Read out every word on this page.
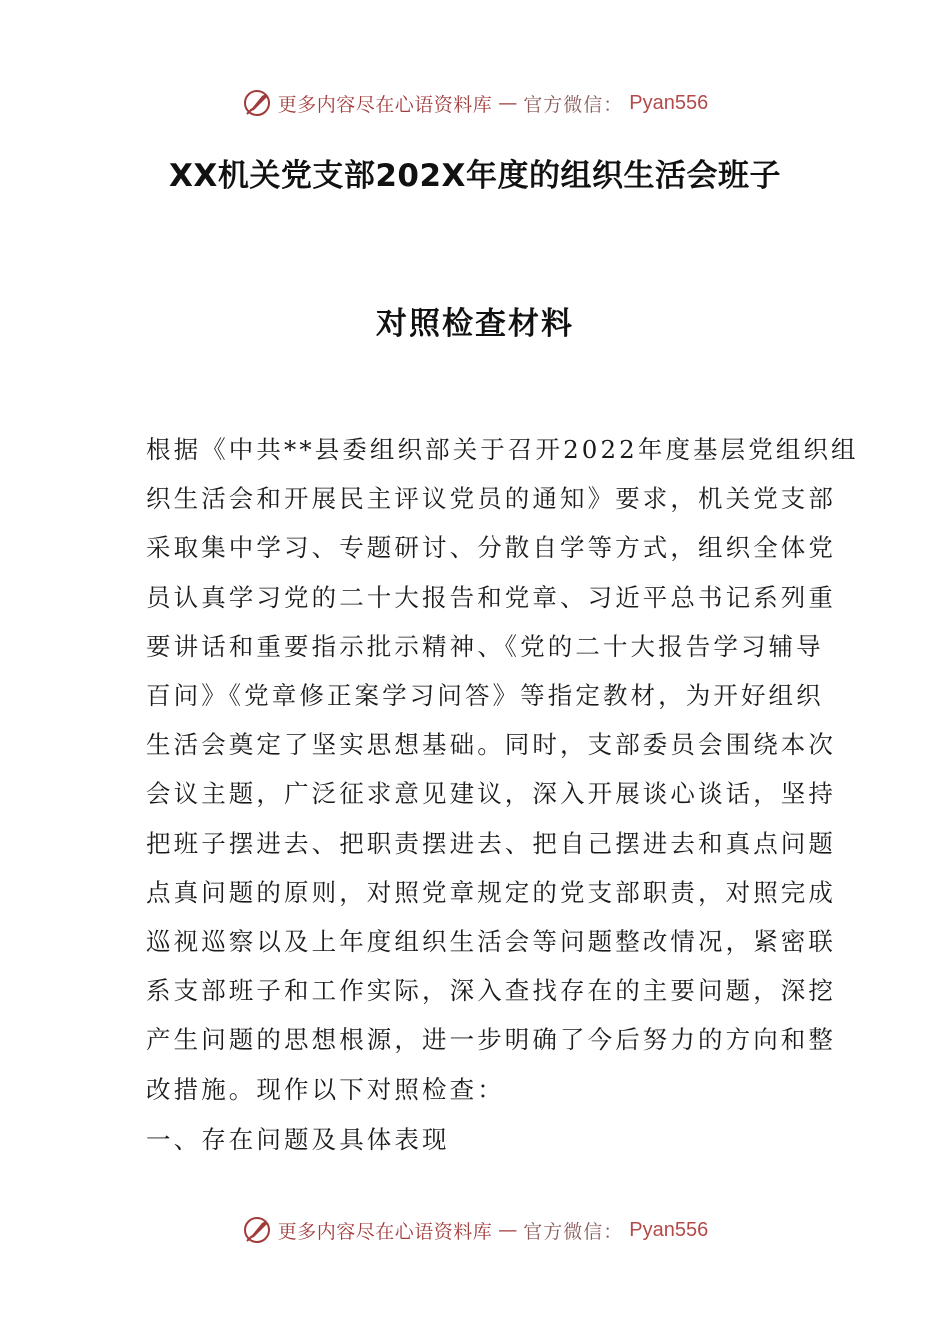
更多内容尽在心语资料库 — 官方微信： Pyan556
XX机关党支部202X年度的组织生活会班子
对照检查材料
根据《中共**县委组织部关于召开2022年度基层党组织组
织生活会和开展民主评议党员的通知》要求，机关党支部
采取集中学习、专题研讨、分散自学等方式，组织全体党
员认真学习党的二十大报告和党章、习近平总书记系列重
要讲话和重要指示批示精神、《党的二十大报告学习辅导
百问》《党章修正案学习问答》等指定教材，为开好组织
生活会奠定了坚实思想基础。同时，支部委员会围绕本次
会议主题，广泛征求意见建议，深入开展谈心谈话，坚持
把班子摆进去、把职责摆进去、把自己摆进去和真点问题
点真问题的原则，对照党章规定的党支部职责，对照完成
巡视巡察以及上年度组织生活会等问题整改情况，紧密联
系支部班子和工作实际，深入查找存在的主要问题，深挖
产生问题的思想根源，进一步明确了今后努力的方向和整
改措施。现作以下对照检查：
一、存在问题及具体表现
更多内容尽在心语资料库 — 官方微信： Pyan556
